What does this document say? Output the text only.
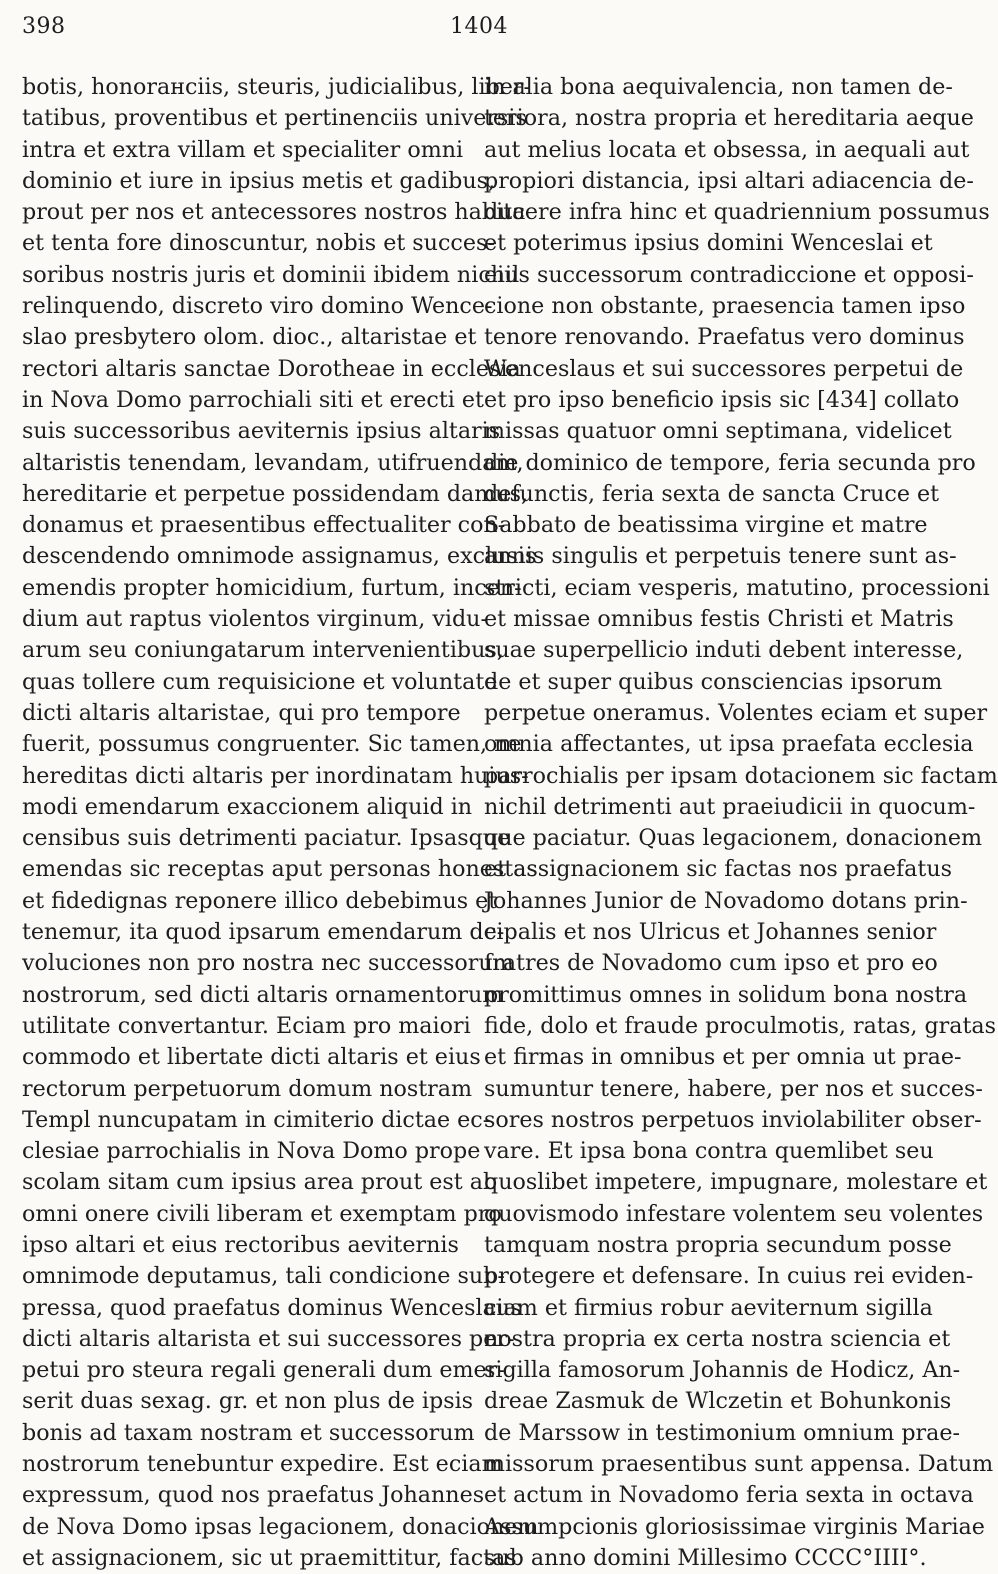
398	1404
botis, honorанciis, steuris, judicialibus, liber-
tatibus, proventibus et pertinenciis universis
intra et extra villam et specialiter omni
dominio et iure in ipsius metis et gadibus,
prout per nos et antecessores nostros habita
et tenta fore dinoscuntur, nobis et succes-
soribus nostris juris et dominii ibidem nichil
relinquendo, discreto viro domino Wence-
slao presbytero olom. dioc., altaristae et
rectori altaris sanctae Dorotheae in ecclesia
in Nova Domo parrochiali siti et erecti et
suis successoribus aeviternis ipsius altaris
altaristis tenendam, levandam, utifruendam,
hereditarie et perpetue possidendam damus,
donamus et praesentibus effectualiter con-
descendendo omnimode assignamus, exclusis
emendis propter homicidium, furtum, incen-
dium aut raptus violentos virginum, vidu-
arum seu coniungatarum intervenientibus,
quas tollere cum requisicione et voluntate
dicti altaris altaristae, qui pro tempore
fuerit, possumus congruenter. Sic tamen, ne
hereditas dicti altaris per inordinatam huius-
modi emendarum exaccionem aliquid in
censibus suis detrimenti paciatur. Ipsasque
emendas sic receptas aput personas honestas
et fidedignas reponere illico debebimus et
tenemur, ita quod ipsarum emendarum de-
voluciones non pro nostra nec successorum
nostrorum, sed dicti altaris ornamentorum
utilitate convertantur. Eciam pro maiori
commodo et libertate dicti altaris et eius
rectorum perpetuorum domum nostram
Templ nuncupatam in cimiterio dictae ec-
clesiae parrochialis in Nova Domo prope
scolam sitam cum ipsius area prout est ab
omni onere civili liberam et exemptam pro
ipso altari et eius rectoribus aeviternis
omnimode deputamus, tali condicione sub-
pressa, quod praefatus dominus Wenceslaus
dicti altaris altarista et sui successores per-
petui pro steura regali generali dum emer-
serit duas sexag. gr. et non plus de ipsis
bonis ad taxam nostram et successorum
nostrorum tenebuntur expedire. Est eciam
expressum, quod nos praefatus Johannes
de Nova Domo ipsas legacionem, donacionem
et assignacionem, sic ut praemittitur, factas
in alia bona aequivalencia, non tamen de-
teriora, nostra propria et hereditaria aeque
aut melius locata et obsessa, in aequali aut
propiori distancia, ipsi altari adiacencia de-
ducere infra hinc et quadriennium possumus
et poterimus ipsius domini Wenceslai et
eius successorum contradiccione et opposi-
cione non obstante, praesencia tamen ipso
tenore renovando. Praefatus vero dominus
Wenceslaus et sui successores perpetui de
et pro ipso beneficio ipsis sic [434] collato
missas quatuor omni septimana, videlicet
die dominico de tempore, feria secunda pro
defunctis, feria sexta de sancta Cruce et
Sabbato de beatissima virgine et matre
annis singulis et perpetuis tenere sunt as-
stricti, eciam vesperis, matutino, processioni
et missae omnibus festis Christi et Matris
suae superpellicio induti debent interesse,
de et super quibus consciencias ipsorum
perpetue oneramus. Volentes eciam et super
omnia affectantes, ut ipsa praefata ecclesia
parrochialis per ipsam dotacionem sic factam
nichil detrimenti aut praeiudicii in quocum-
que paciatur. Quas legacionem, donacionem
et assignacionem sic factas nos praefatus
Johannes Junior de Novadomo dotans prin-
cipalis et nos Ulricus et Johannes senior
fratres de Novadomo cum ipso et pro eo
promittimus omnes in solidum bona nostra
fide, dolo et fraude proculmotis, ratas, gratas
et firmas in omnibus et per omnia ut prae-
sumuntur tenere, habere, per nos et succes-
sores nostros perpetuos inviolabiliter obser-
vare. Et ipsa bona contra quemlibet seu
quoslibet impetere, impugnare, molestare et
quovismodo infestare volentem seu volentes
tamquam nostra propria secundum posse
protegere et defensare. In cuius rei eviden-
ciam et firmius robur aeviternum sigilla
nostra propria ex certa nostra sciencia et
sigilla famosorum Johannis de Hodicz, An-
dreae Zasmuk de Wlczetin et Bohunkonis
de Marssow in testimonium omnium prae-
missorum praesentibus sunt appensa. Datum
et actum in Novadomo feria sexta in octava
Assumpcionis gloriosissimae virginis Mariae
sub anno domini Millesimo CCCC°IIII°.
